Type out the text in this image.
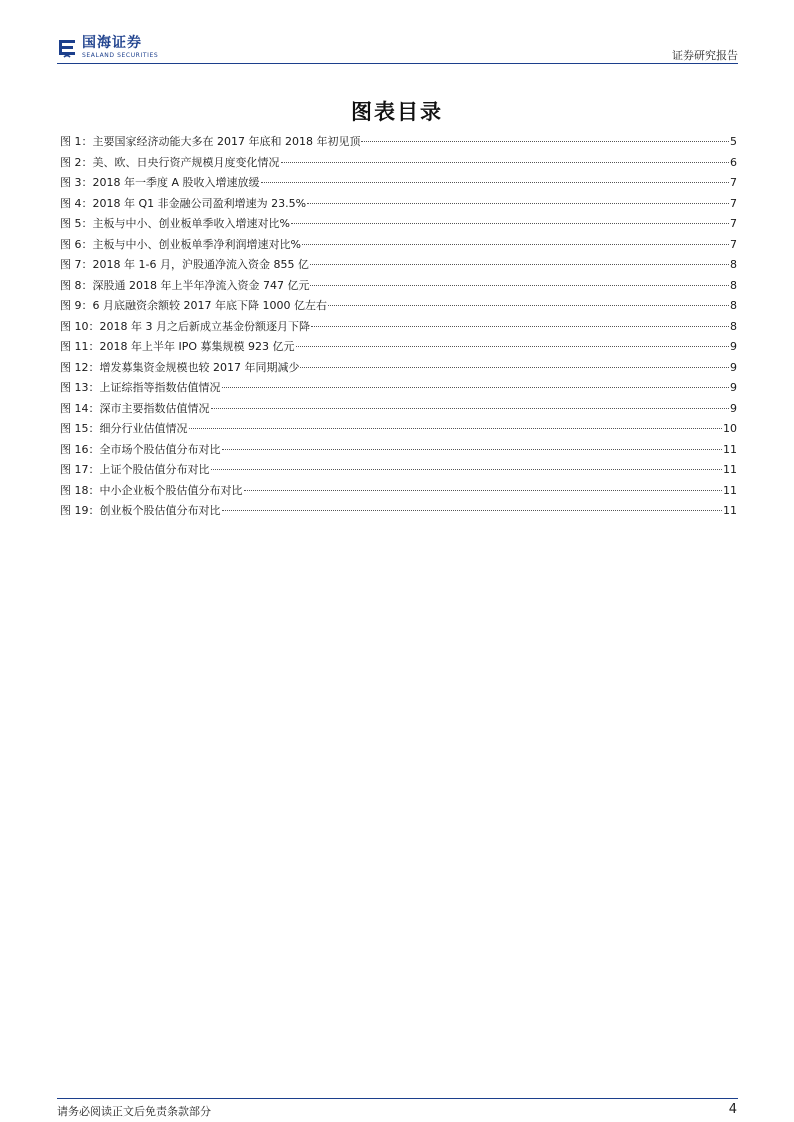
国海证券
SEALAND SECURITIES	证券研究报告
图表目录
图 1：主要国家经济动能大多在 2017 年底和 2018 年初见顶	5
图 2：美、欧、日央行资产规模月度变化情况	6
图 3：2018 年一季度 A 股收入增速放缓	7
图 4：2018 年 Q1 非金融公司盈利增速为 23.5%	7
图 5：主板与中小、创业板单季收入增速对比%	7
图 6：主板与中小、创业板单季净利润增速对比%	7
图 7：2018 年 1-6 月，沪股通净流入资金 855 亿	8
图 8：深股通 2018 年上半年净流入资金 747 亿元	8
图 9：6 月底融资余额较 2017 年底下降 1000 亿左右	8
图 10：2018 年 3 月之后新成立基金份额逐月下降	8
图 11：2018 年上半年 IPO 募集规模 923 亿元	9
图 12：增发募集资金规模也较 2017 年同期减少	9
图 13：上证综指等指数估值情况	9
图 14：深市主要指数估值情况	9
图 15：细分行业估值情况	10
图 16：全市场个股估值分布对比	11
图 17：上证个股估值分布对比	11
图 18：中小企业板个股估值分布对比	11
图 19：创业板个股估值分布对比	11
请务必阅读正文后免责条款部分	4
